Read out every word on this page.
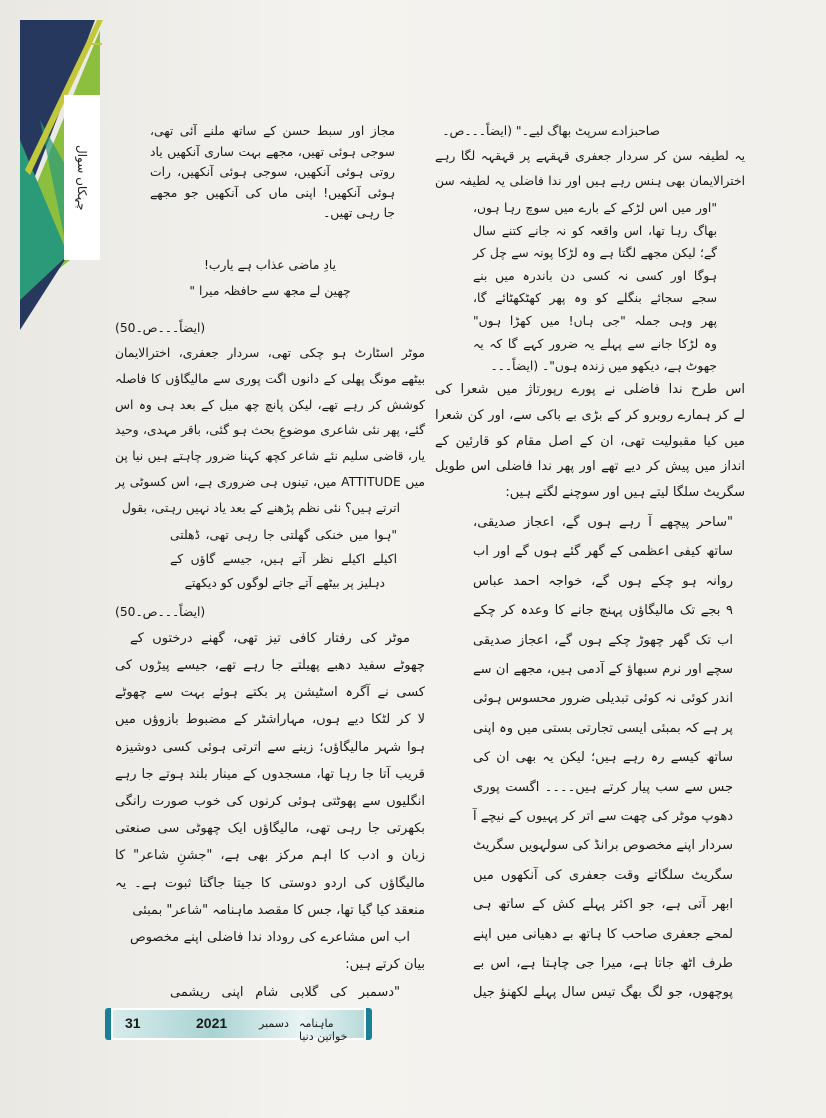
چہکاں سوال
صاحبزادے سرپٹ بھاگ لیے۔" (ایضاً۔۔۔ص۔
یہ لطیفہ سن کر سردار جعفری قہقہے پر قہقہہ لگا رہے
اخترالایمان بھی ہنس رہے ہیں اور ندا فاضلی یہ لطیفہ سن
"اور میں اس لڑکے کے بارے میں سوچ رہا ہوں،
بھاگ رہا تھا، اس واقعہ کو نہ جانے کتنے سال
گے؛ لیکن مجھے لگتا ہے وہ لڑکا پونہ سے چل کر
ہوگا اور کسی نہ کسی دن باندرہ میں بنے
سجے سجائے بنگلے کو وہ پھر کھٹکھٹائے گا،
پھر وہی جملہ "جی ہاں! میں کھڑا ہوں"
وہ لڑکا جانے سے پہلے یہ ضرور کہے گا کہ یہ
جھوٹ ہے، دیکھو میں زندہ ہوں"۔ (ایضاً۔۔۔
اس طرح ندا فاضلی نے پورے رپورتاژ میں شعرا کی
لے کر ہمارے روبرو کر کے بڑی بے باکی سے، اور کن شعرا
میں کیا مقبولیت تھی، ان کے اصل مقام کو قارئین کے
انداز میں پیش کر دیے تھے اور پھر ندا فاضلی اس طویل
سگریٹ سلگا لیتے ہیں اور سوچنے لگتے ہیں:
"ساحر پیچھے آ رہے ہوں گے، اعجاز صدیقی،
ساتھ کیفی اعظمی کے گھر گئے ہوں گے اور اب
روانہ ہو چکے ہوں گے، خواجہ احمد عباس
۹ بجے تک مالیگاؤں پہنچ جانے کا وعدہ کر چکے
اب تک گھر چھوڑ چکے ہوں گے، اعجاز صدیقی
سچے اور نرم سبھاؤ کے آدمی ہیں، مجھے ان سے
اندر کوئی نہ کوئی تبدیلی ضرور محسوس ہوئی
پر ہے کہ بمبئی ایسی تجارتی بستی میں وہ اپنی
ساتھ کیسے رہ رہے ہیں؛ لیکن یہ بھی ان کی
جس سے سب پیار کرتے ہیں۔۔۔۔ اگست پوری
دھوپ موٹر کی چھت سے اتر کر پہیوں کے نیچے آ
سردار اپنے مخصوص برانڈ کی سولہویں سگریٹ
سگریٹ سلگاتے وقت جعفری کی آنکھوں میں
ابھر آتی ہے، جو اکثر پہلے کش کے ساتھ ہی
لمحے جعفری صاحب کا ہاتھ بے دھیانی میں اپنے
طرف اٹھ جاتا ہے، میرا جی چاہتا ہے، اس بے
پوچھوں، جو لگ بھگ تیس سال پہلے لکھنؤ جیل
مجاز اور سبط حسن کے ساتھ ملنے آئی تھی،
سوجی ہوئی تھیں، مجھے بہت ساری آنکھیں یاد
روتی ہوئی آنکھیں، سوجی ہوئی آنکھیں، رات
ہوئی آنکھیں! اپنی ماں کی آنکھیں جو مجھے
جا رہی تھیں۔
یادِ ماضی عذاب ہے یارب!
چھین لے مجھ سے حافظہ میرا "
(ایضاً۔۔۔ص۔50)
موٹر اسٹارٹ ہو چکی تھی، سردار جعفری، اخترالایمان
بیٹھے مونگ پھلی کے دانوں اگت پوری سے مالیگاؤں کا فاصلہ
کوشش کر رہے تھے، لیکن پانچ چھ میل کے بعد ہی وہ اس
گئے، پھر نئی شاعری موضوعِ بحث ہو گئی، باقر مہدی، وحید
یار، قاضی سلیم نئے شاعر کچھ کہنا ضرور چاہتے ہیں نیا پن
میں ATTITUDE میں، تینوں ہی ضروری ہے، اس کسوٹی پر
اترتے ہیں؟ نئی نظم پڑھنے کے بعد یاد نہیں رہتی، بقول
"ہوا میں خنکی گھلتی جا رہی تھی، ڈھلتی
اکیلے اکیلے نظر آتے ہیں، جیسے گاؤں کے
دہلیز پر بیٹھے آتے جاتے لوگوں کو دیکھتے
(ایضاً۔۔۔ص۔50)
موٹر کی رفتار کافی تیز تھی، گھنے درختوں کے
چھوٹے سفید دھبے پھیلتے جا رہے تھے، جیسے پیڑوں کی
کسی نے آگرہ اسٹیشن پر بکتے ہوئے بہت سے چھوٹے
لا کر لٹکا دیے ہوں، مہاراشٹر کے مضبوط بازوؤں میں
ہوا شہر مالیگاؤں؛ زینے سے اترتی ہوئی کسی دوشیزہ
قریب آتا جا رہا تھا، مسجدوں کے مینار بلند ہوتے جا رہے
انگلیوں سے پھوٹتی ہوئی کرنوں کی خوب صورت رانگی
بکھرتی جا رہی تھی، مالیگاؤں ایک چھوٹی سی صنعتی
زبان و ادب کا اہم مرکز بھی ہے، "جشنِ شاعر" کا
مالیگاؤں کی اردو دوستی کا جیتا جاگتا ثبوت ہے۔ یہ
منعقد کیا گیا تھا، جس کا مقصد ماہنامہ "شاعر" بمبئی
اب اس مشاعرے کی روداد ندا فاضلی اپنے مخصوص
بیان کرتے ہیں:
"دسمبر کی گلابی شام اپنی ریشمی
31	2021	دسمبر ماہنامہ خواتین دنیا
